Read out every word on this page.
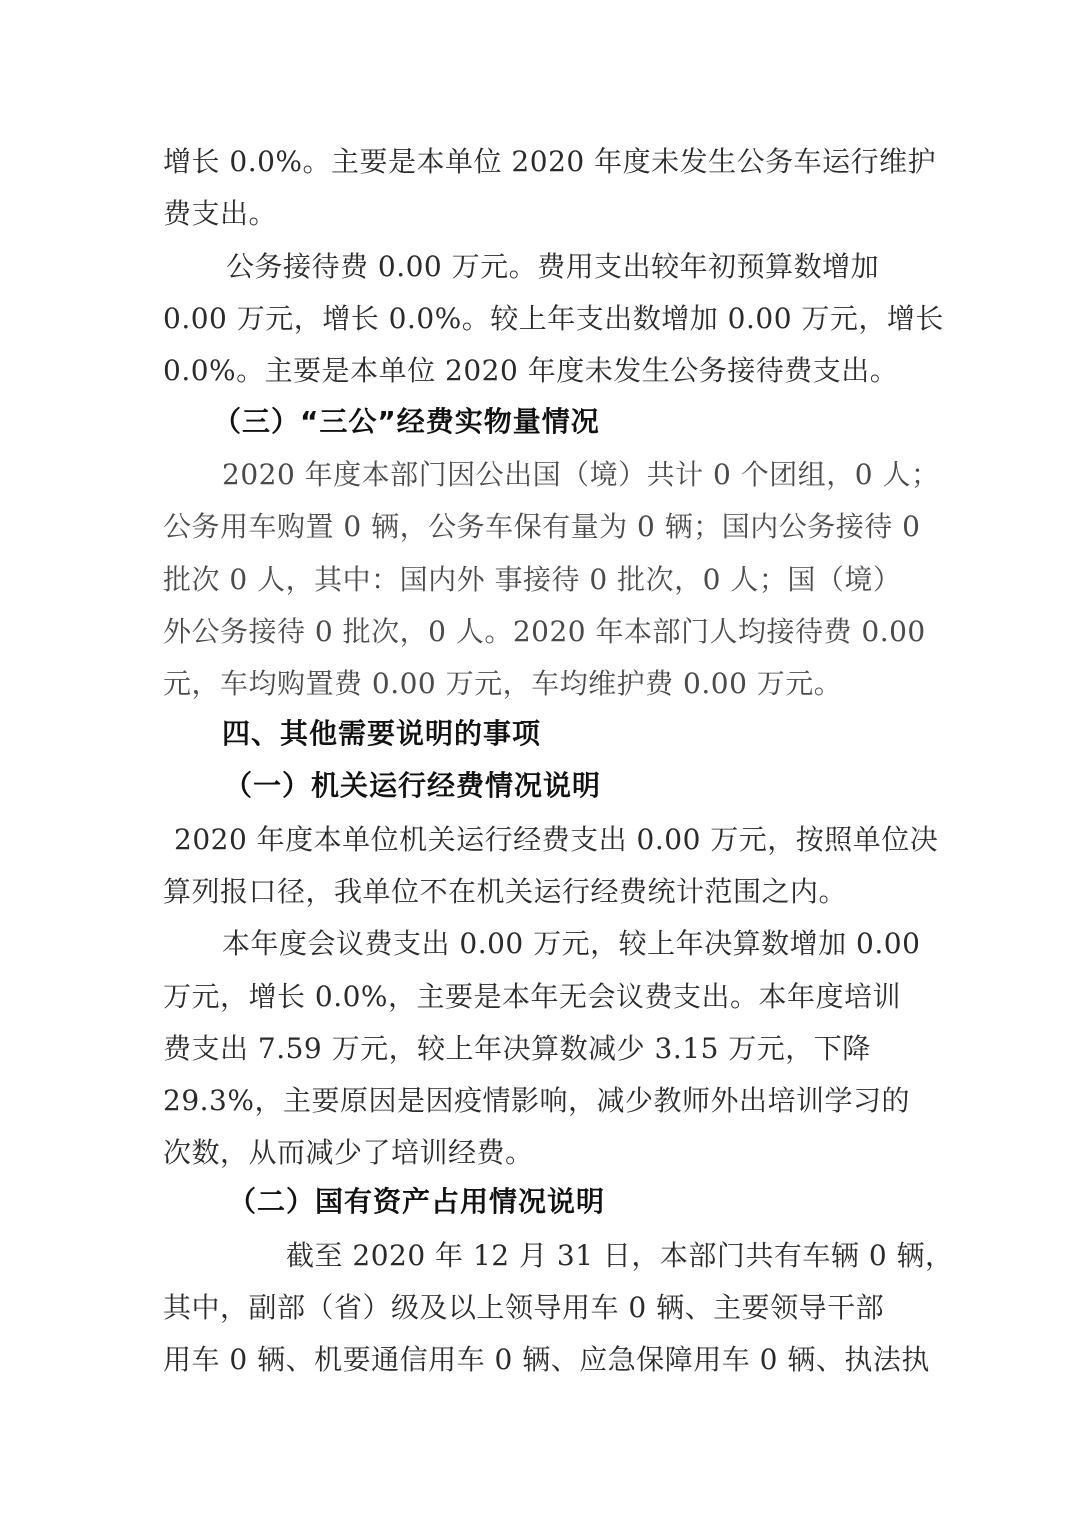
增长 0.0%。主要是本单位 2020 年度未发生公务车运行维护
费支出。
公务接待费 0.00 万元。费用支出较年初预算数增加
0.00 万元，增长 0.0%。较上年支出数增加 0.00 万元，增长
0.0%。主要是本单位 2020 年度未发生公务接待费支出。
（三）“三公”经费实物量情况
2020 年度本部门因公出国（境）共计 0 个团组，0 人；
公务用车购置 0 辆，公务车保有量为 0 辆；国内公务接待 0
批次 0 人，其中：国内外 事接待 0 批次，0 人；国（境）
外公务接待 0 批次，0 人。2020 年本部门人均接待费 0.00
元，车均购置费 0.00 万元，车均维护费 0.00 万元。
四、其他需要说明的事项
（一）机关运行经费情况说明
2020 年度本单位机关运行经费支出 0.00 万元，按照单位决
算列报口径，我单位不在机关运行经费统计范围之内。
本年度会议费支出 0.00 万元，较上年决算数增加 0.00
万元，增长 0.0%，主要是本年无会议费支出。本年度培训
费支出 7.59 万元，较上年决算数减少 3.15 万元，下降
29.3%，主要原因是因疫情影响，减少教师外出培训学习的
次数，从而减少了培训经费。
（二）国有资产占用情况说明
截至 2020 年 12 月 31 日，本部门共有车辆 0 辆，
其中，副部（省）级及以上领导用车 0 辆、主要领导干部
用车 0 辆、机要通信用车 0 辆、应急保障用车 0 辆、执法执
